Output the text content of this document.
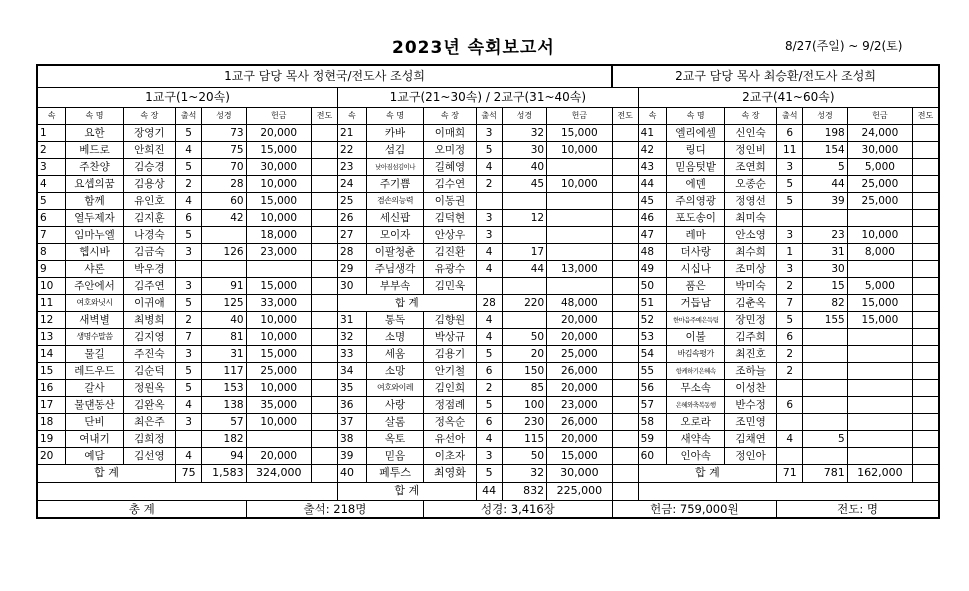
2023년 속회보고서	8/27(주일) ~ 9/2(토)
1교구 담당 목사 정현국/전도사 조성희													2교구 담당 목사 최승환/전도사 조성희							
1교구(1~20속)							1교구(21~30속) / 2교구(31~40속)							2교구(41~60속)						
속	속 명	속 장	출석	성경	헌금	전도	속	속 명	속 장	출석	성경	헌금	전도	속	속 명	속 장	출석	성경	헌금	전도
1	요한	장영기	5	73	20,000		21	카바	이매희	3	32	15,000		41	엘리에셀	신인숙	6	198	24,000	
2	베드로	안희진	4	75	15,000		22	섬김	오미정	5	30	10,000		42	링디	정인비	11	154	30,000	
3	주찬양	김승경	5	70	30,000		23	낮아짐섬김이나	길혜영	4	40			43	믿음텃밭	조연희	3	5	5,000	
4	요셉의꿈	김용상	2	28	10,000		24	주기쁨	김수연	2	45	10,000		44	에덴	오종순	5	44	25,000	
5	함께	유인호	4	60	15,000		25	겸손의능력	이동권					45	주의영광	정영선	5	39	25,000	
6	열두제자	김지훈	6	42	10,000		26	세신팝	김덕현	3	12			46	포도송이	최미숙				
7	임마누엘	나경숙	5		18,000		27	모이자	안상우	3				47	레마	안소영	3	23	10,000	
8	헵시바	김금숙	3	126	23,000		28	이팔청춘	김진환	4	17			48	더사랑	최수희	1	31	8,000	
9	샤론	박우경					29	주님생각	유광수	4	44	13,000		49	시십나	조미상	3	30		
10	주안에서	김주연	3	91	15,000		30	부부속	김민욱					50	품은	박미숙	2	15	5,000	
11	여호와닛시	이귀애	5	125	33,000		합 계			28	220	48,000		51	거듭남	김춘옥	7	82	15,000	
12	새벽별	최병희	2	40	10,000		31	통독	김향원	4		20,000		52	한마음주예은득팀	장민정	5	155	15,000	
13	생명수말씀	김지영	7	81	10,000		32	소명	박상규	4	50	20,000		53	이불	김주희	6			
14	물길	주진숙	3	31	15,000		33	세움	김용기	5	20	25,000		54	바김속평가	최진호	2			
15	레드우드	김순덕	5	117	25,000		34	소망	안기철	6	150	26,000		55	항케하기은혜속	조하늘	2			
16	갈사	정원옥	5	153	10,000		35	여호와이레	김인희	2	85	20,000		56	무소속	이성찬				
17	물댄동산	김완옥	4	138	35,000		36	사랑	정점례	5	100	23,000		57	은혜와축복동행	반수정	6			
18	단비	최은주	3	57	10,000		37	살롬	정옥순	6	230	26,000		58	오로라	조민영				
19	여내기	김희정		182			38	옥토	유선아	4	115	20,000		59	새약속	김채연	4	5		
20	예담	김선영	4	94	20,000		39	믿음	이초자	3	50	15,000		60	인아속	정인아				
합 계			75	1,583	324,000		40	페투스	최영화	5	32	30,000		합 계			71	781	162,000	
							합 계			44	832	225,000								
총 계					출석: 218명				성경: 3,416장				헌금: 759,000원				전도: 명			
